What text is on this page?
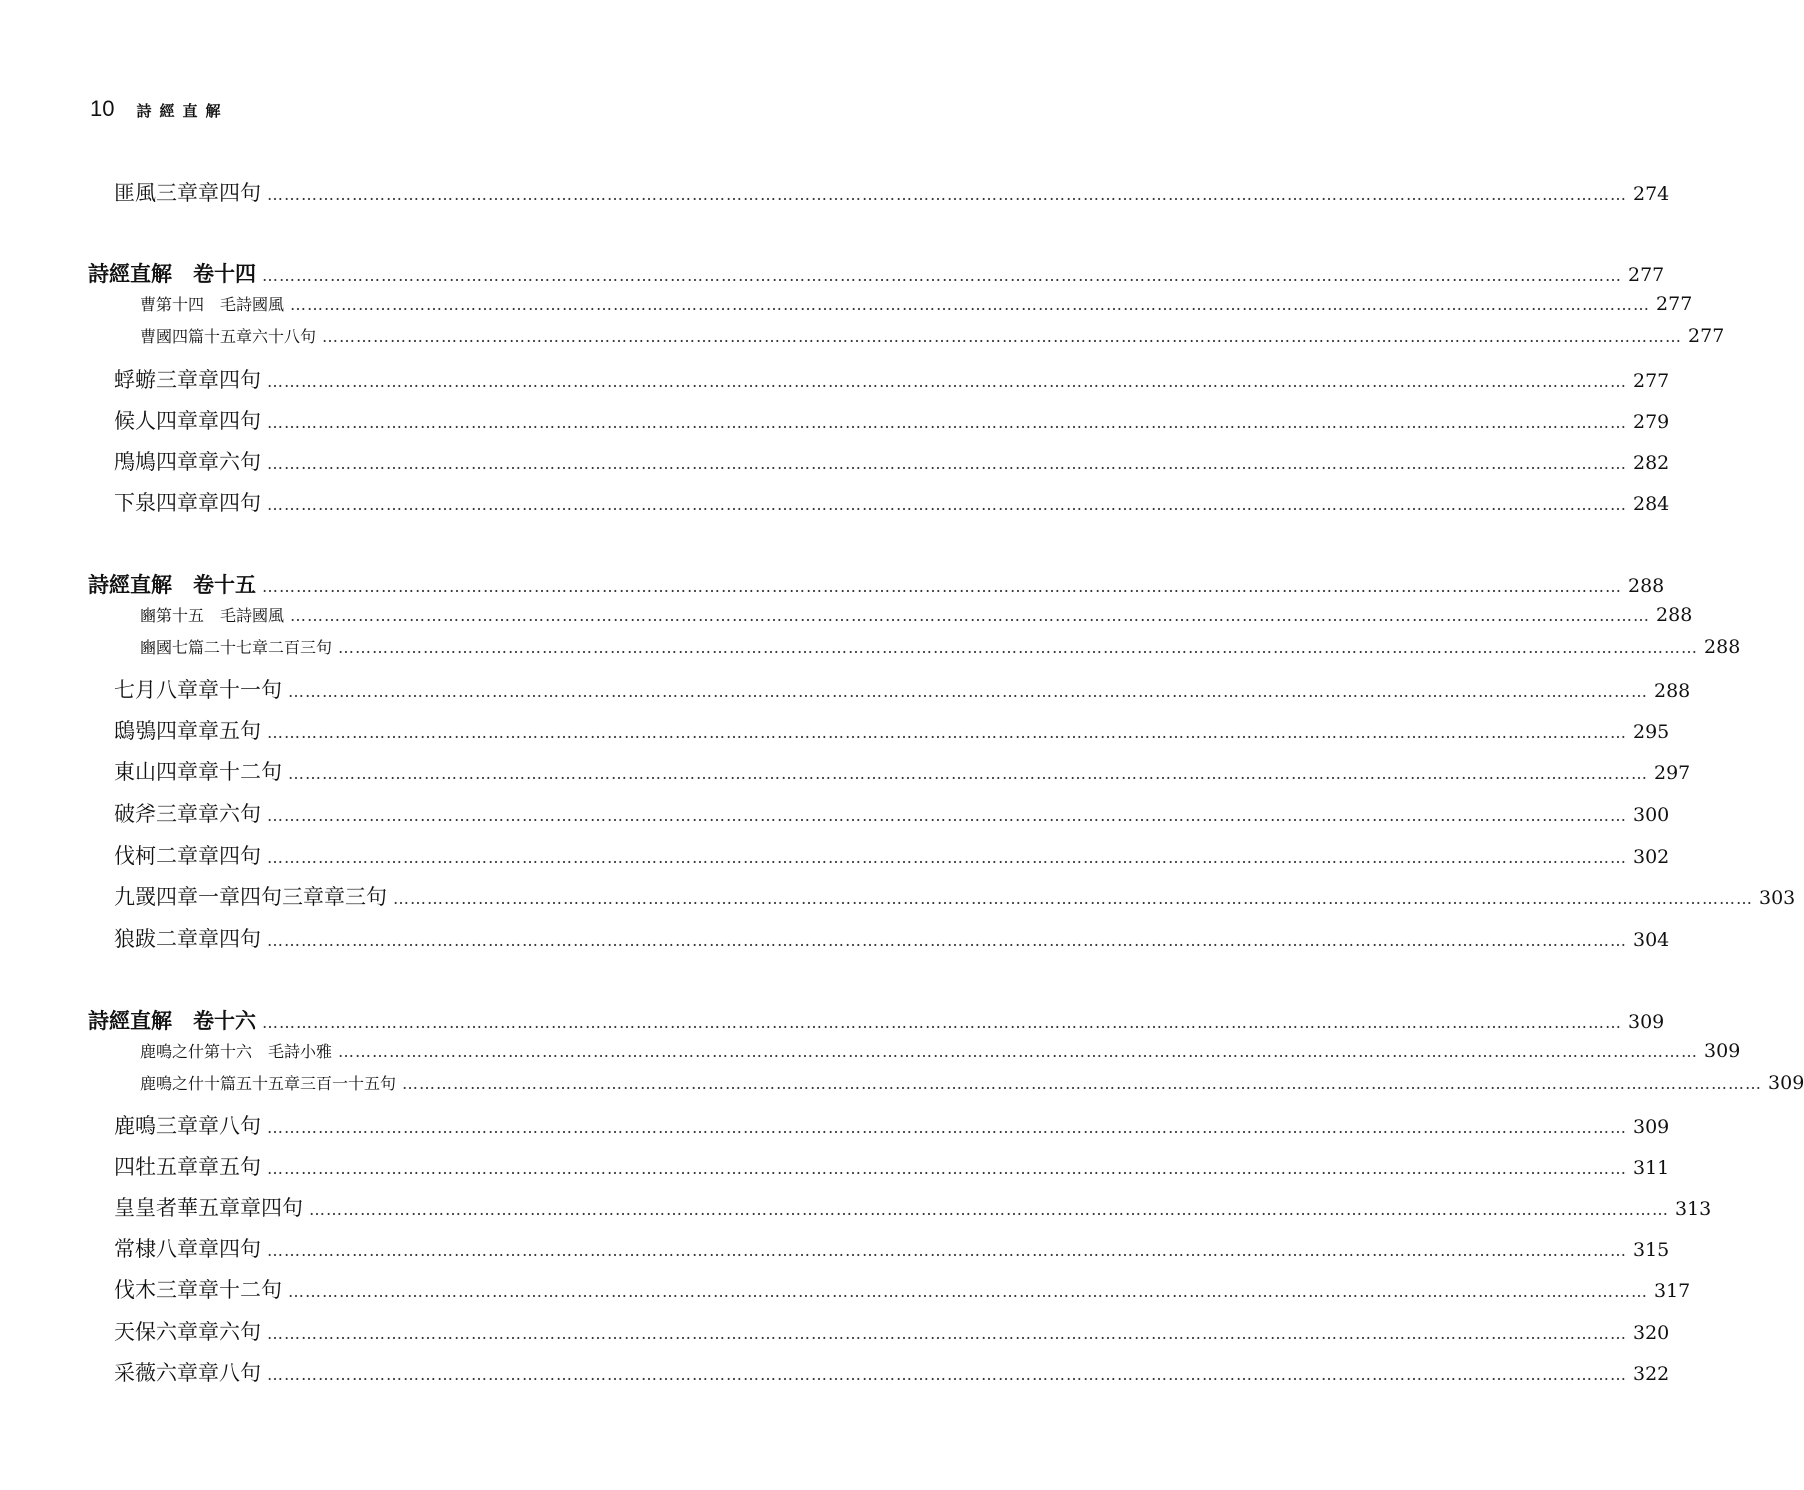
10 詩經直解
匪風三章章四句 …………………………………………………………………………………………………………………………………………………………………………………………………………………… 274
詩經直解　卷十四 …………………………………………………………………………………………………………………………………………………………………………………………………………………… 277
曹第十四　毛詩國風 …………………………………………………………………………………………………………………………………………………………………………………………………………………… 277
曹國四篇十五章六十八句 …………………………………………………………………………………………………………………………………………………………………………………………………………………… 277
蜉蝣三章章四句 …………………………………………………………………………………………………………………………………………………………………………………………………………………… 277
候人四章章四句 …………………………………………………………………………………………………………………………………………………………………………………………………………………… 279
鳲鳩四章章六句 …………………………………………………………………………………………………………………………………………………………………………………………………………………… 282
下泉四章章四句 …………………………………………………………………………………………………………………………………………………………………………………………………………………… 284
詩經直解　卷十五 …………………………………………………………………………………………………………………………………………………………………………………………………………………… 288
豳第十五　毛詩國風 …………………………………………………………………………………………………………………………………………………………………………………………………………………… 288
豳國七篇二十七章二百三句 …………………………………………………………………………………………………………………………………………………………………………………………………………………… 288
七月八章章十一句 …………………………………………………………………………………………………………………………………………………………………………………………………………………… 288
鴟鴞四章章五句 …………………………………………………………………………………………………………………………………………………………………………………………………………………… 295
東山四章章十二句 …………………………………………………………………………………………………………………………………………………………………………………………………………………… 297
破斧三章章六句 …………………………………………………………………………………………………………………………………………………………………………………………………………………… 300
伐柯二章章四句 …………………………………………………………………………………………………………………………………………………………………………………………………………………… 302
九罭四章一章四句三章章三句 …………………………………………………………………………………………………………………………………………………………………………………………………………………… 303
狼跋二章章四句 …………………………………………………………………………………………………………………………………………………………………………………………………………………… 304
詩經直解　卷十六 …………………………………………………………………………………………………………………………………………………………………………………………………………………… 309
鹿鳴之什第十六　毛詩小雅 …………………………………………………………………………………………………………………………………………………………………………………………………………………… 309
鹿鳴之什十篇五十五章三百一十五句 …………………………………………………………………………………………………………………………………………………………………………………………………………………… 309
鹿鳴三章章八句 …………………………………………………………………………………………………………………………………………………………………………………………………………………… 309
四牡五章章五句 …………………………………………………………………………………………………………………………………………………………………………………………………………………… 311
皇皇者華五章章四句 …………………………………………………………………………………………………………………………………………………………………………………………………………………… 313
常棣八章章四句 …………………………………………………………………………………………………………………………………………………………………………………………………………………… 315
伐木三章章十二句 …………………………………………………………………………………………………………………………………………………………………………………………………………………… 317
天保六章章六句 …………………………………………………………………………………………………………………………………………………………………………………………………………………… 320
采薇六章章八句 …………………………………………………………………………………………………………………………………………………………………………………………………………………… 322
